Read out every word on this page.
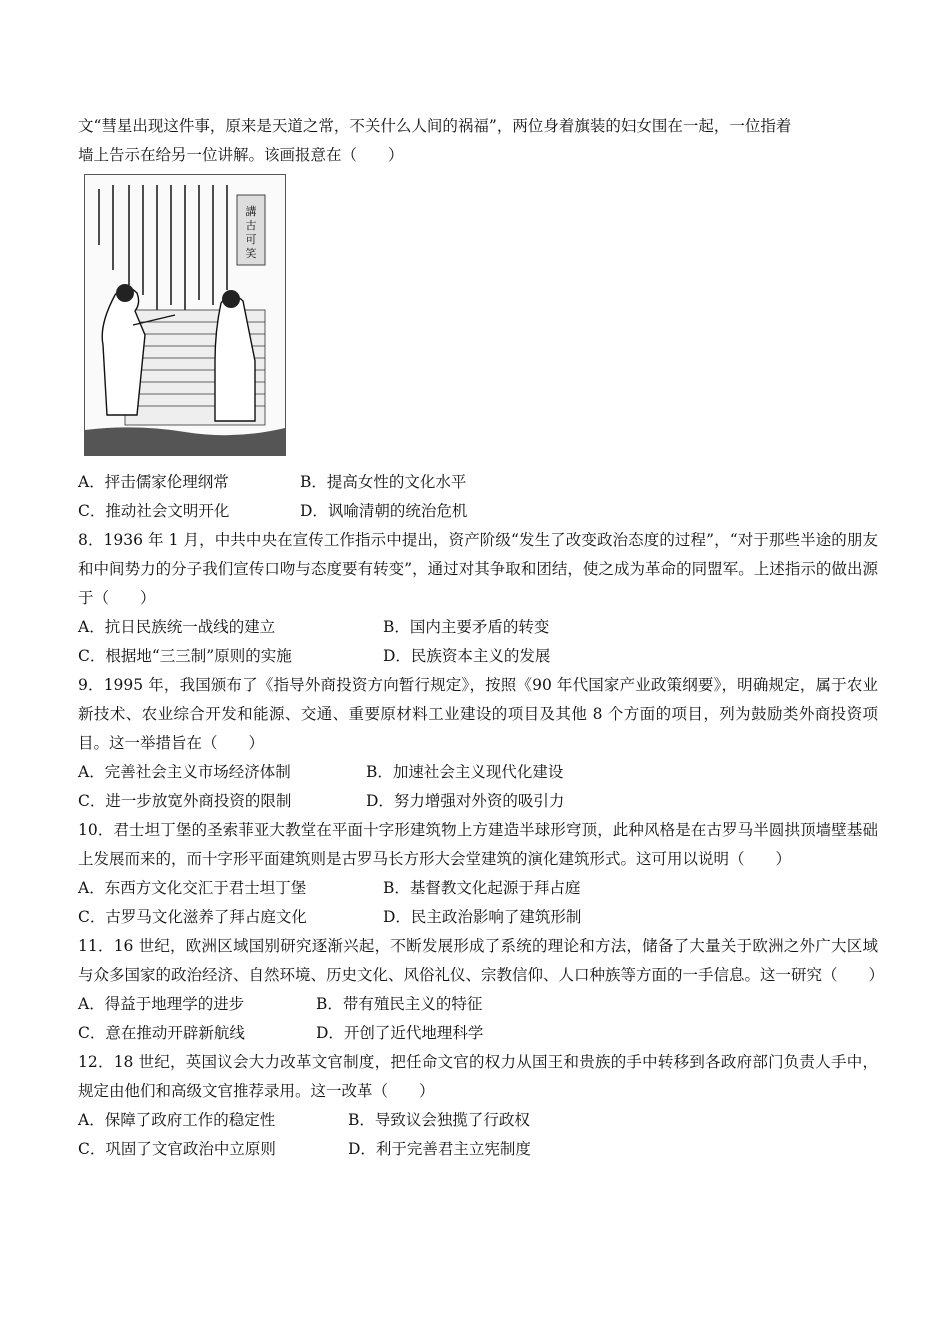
文“彗星出现这件事，原来是天道之常，不关什么人间的祸福”，两位身着旗装的妇女围在一起，一位指着
墙上告示在给另一位讲解。该画报意在（　　）
講
古
可
笑
A．抨击儒家伦理纲常	B．提高女性的文化水平
C．推动社会文明开化	D．讽喻清朝的统治危机
8．1936 年 1 月，中共中央在宣传工作指示中提出，资产阶级“发生了改变政治态度的过程”，“对于那些半途的朋友和中间势力的分子我们宣传口吻与态度要有转变”，通过对其争取和团结，使之成为革命的同盟军。上述指示的做出源于（　　）
A．抗日民族统一战线的建立	B．国内主要矛盾的转变
C．根据地“三三制”原则的实施	D．民族资本主义的发展
9．1995 年，我国颁布了《指导外商投资方向暂行规定》，按照《90 年代国家产业政策纲要》，明确规定，属于农业新技术、农业综合开发和能源、交通、重要原材料工业建设的项目及其他 8 个方面的项目，列为鼓励类外商投资项目。这一举措旨在（　　）
A．完善社会主义市场经济体制	B．加速社会主义现代化建设
C．进一步放宽外商投资的限制	D．努力增强对外资的吸引力
10．君士坦丁堡的圣索菲亚大教堂在平面十字形建筑物上方建造半球形穹顶，此种风格是在古罗马半圆拱顶墙壁基础上发展而来的，而十字形平面建筑则是古罗马长方形大会堂建筑的演化建筑形式。这可用以说明（　　）
A．东西方文化交汇于君士坦丁堡	B．基督教文化起源于拜占庭
C．古罗马文化滋养了拜占庭文化	D．民主政治影响了建筑形制
11．16 世纪，欧洲区域国别研究逐渐兴起，不断发展形成了系统的理论和方法，储备了大量关于欧洲之外广大区域与众多国家的政治经济、自然环境、历史文化、风俗礼仪、宗教信仰、人口种族等方面的一手信息。这一研究（　　）
A．得益于地理学的进步	B．带有殖民主义的特征
C．意在推动开辟新航线	D．开创了近代地理科学
12．18 世纪，英国议会大力改革文官制度，把任命文官的权力从国王和贵族的手中转移到各政府部门负责人手中，规定由他们和高级文官推荐录用。这一改革（　　）
A．保障了政府工作的稳定性	B．导致议会独揽了行政权
C．巩固了文官政治中立原则	D．利于完善君主立宪制度
